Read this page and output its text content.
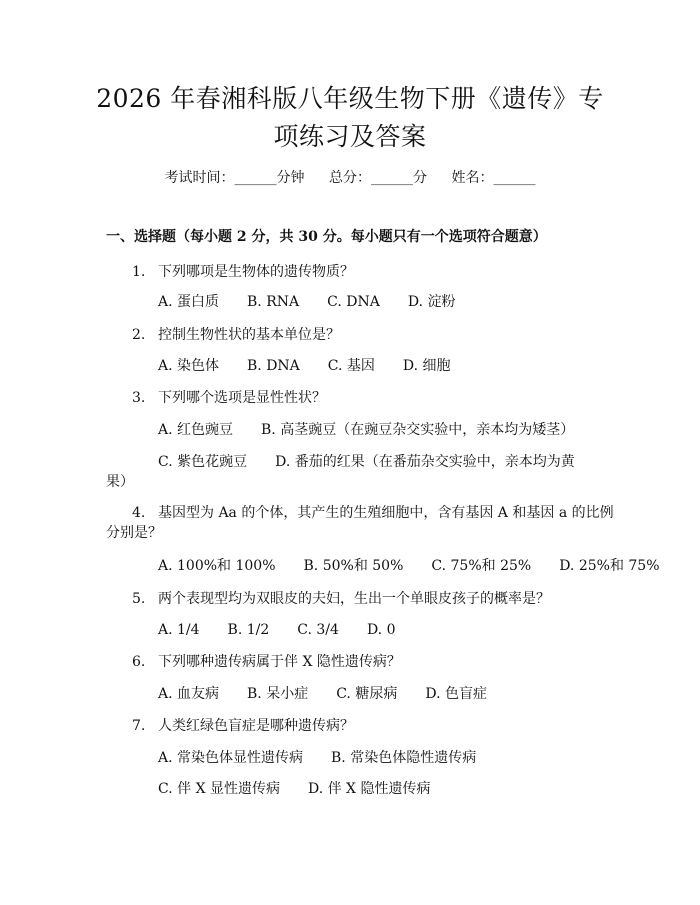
2026 年春湘科版八年级生物下册《遗传》专
项练习及答案
考试时间：______分钟 总分：______分 姓名：______
一、选择题（每小题 2 分，共 30 分。每小题只有一个选项符合题意）
1. 下列哪项是生物体的遗传物质？
A. 蛋白质 B. RNA C. DNA D. 淀粉
2. 控制生物性状的基本单位是？
A. 染色体 B. DNA C. 基因 D. 细胞
3. 下列哪个选项是显性性状？
A. 红色豌豆 B. 高茎豌豆（在豌豆杂交实验中，亲本均为矮茎）
C. 紫色花豌豆 D. 番茄的红果（在番茄杂交实验中，亲本均为黄
果）
4. 基因型为 Aa 的个体，其产生的生殖细胞中，含有基因 A 和基因 a 的比例
分别是？
A. 100%和 100% B. 50%和 50% C. 75%和 25% D. 25%和 75%
5. 两个表现型均为双眼皮的夫妇，生出一个单眼皮孩子的概率是？
A. 1/4 B. 1/2 C. 3/4 D. 0
6. 下列哪种遗传病属于伴 X 隐性遗传病？
A. 血友病 B. 呆小症 C. 糖尿病 D. 色盲症
7. 人类红绿色盲症是哪种遗传病？
A. 常染色体显性遗传病 B. 常染色体隐性遗传病
C. 伴 X 显性遗传病 D. 伴 X 隐性遗传病
